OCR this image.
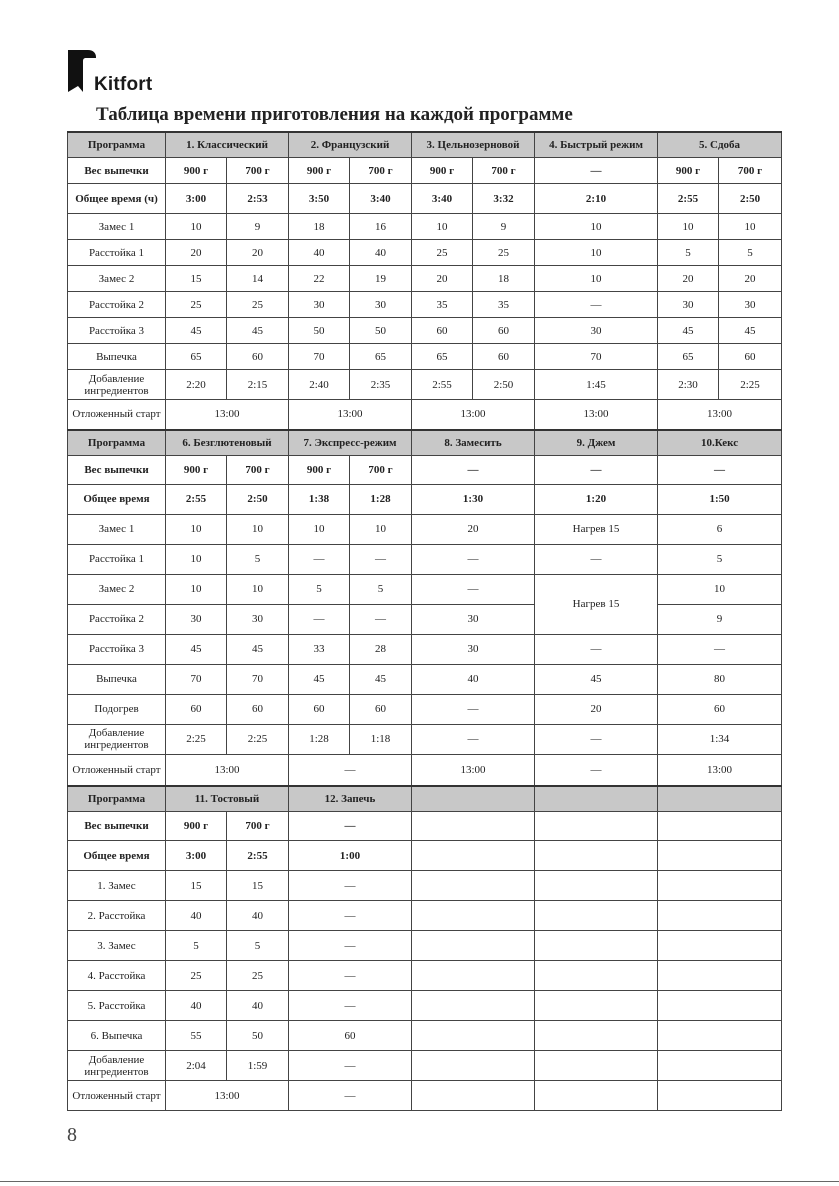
Kitfort
Таблица времени приготовления на каждой программе
Программа	1. Классический		2. Французский		3. Цельнозерновой		4. Быстрый режим	5. Сдоба	
Вес выпечки	900 г	700 г	900 г	700 г	900 г	700 г	—	900 г	700 г
Общее время (ч)	3:00	2:53	3:50	3:40	3:40	3:32	2:10	2:55	2:50
Замес 1	10	9	18	16	10	9	10	10	10
Расстойка 1	20	20	40	40	25	25	10	5	5
Замес 2	15	14	22	19	20	18	10	20	20
Расстойка 2	25	25	30	30	35	35	—	30	30
Расстойка 3	45	45	50	50	60	60	30	45	45
Выпечка	65	60	70	65	65	60	70	65	60
Добавление ингредиентов	2:20	2:15	2:40	2:35	2:55	2:50	1:45	2:30	2:25
Отложенный старт	13:00		13:00		13:00		13:00	13:00	
Программа	6. Безглютеновый		7. Экспресс-режим		8. Замесить		9. Джем	10.Кекс	
Вес выпечки	900 г	700 г	900 г	700 г	—		—	—	
Общее время	2:55	2:50	1:38	1:28	1:30		1:20	1:50	
Замес 1	10	10	10	10	20		Нагрев 15	6	
Расстойка 1	10	5	—	—	—		—	5	
Замес 2	10	10	5	5	—		Нагрев 15	10	
Расстойка 2	30	30	—	—	30			9	
Расстойка 3	45	45	33	28	30		—	—	
Выпечка	70	70	45	45	40		45	80	
Подогрев	60	60	60	60	—		20	60	
Добавление ингредиентов	2:25	2:25	1:28	1:18	—		—	1:34	
Отложенный старт	13:00		—		13:00		—	13:00	
Программа	11. Тостовый		12. Запечь						
Вес выпечки	900 г	700 г	—						
Общее время	3:00	2:55	1:00						
1. Замес	15	15	—						
2. Расстойка	40	40	—						
3. Замес	5	5	—						
4. Расстойка	25	25	—						
5. Расстойка	40	40	—						
6. Выпечка	55	50	60						
Добавление ингредиентов	2:04	1:59	—						
Отложенный старт	13:00		—						
8
